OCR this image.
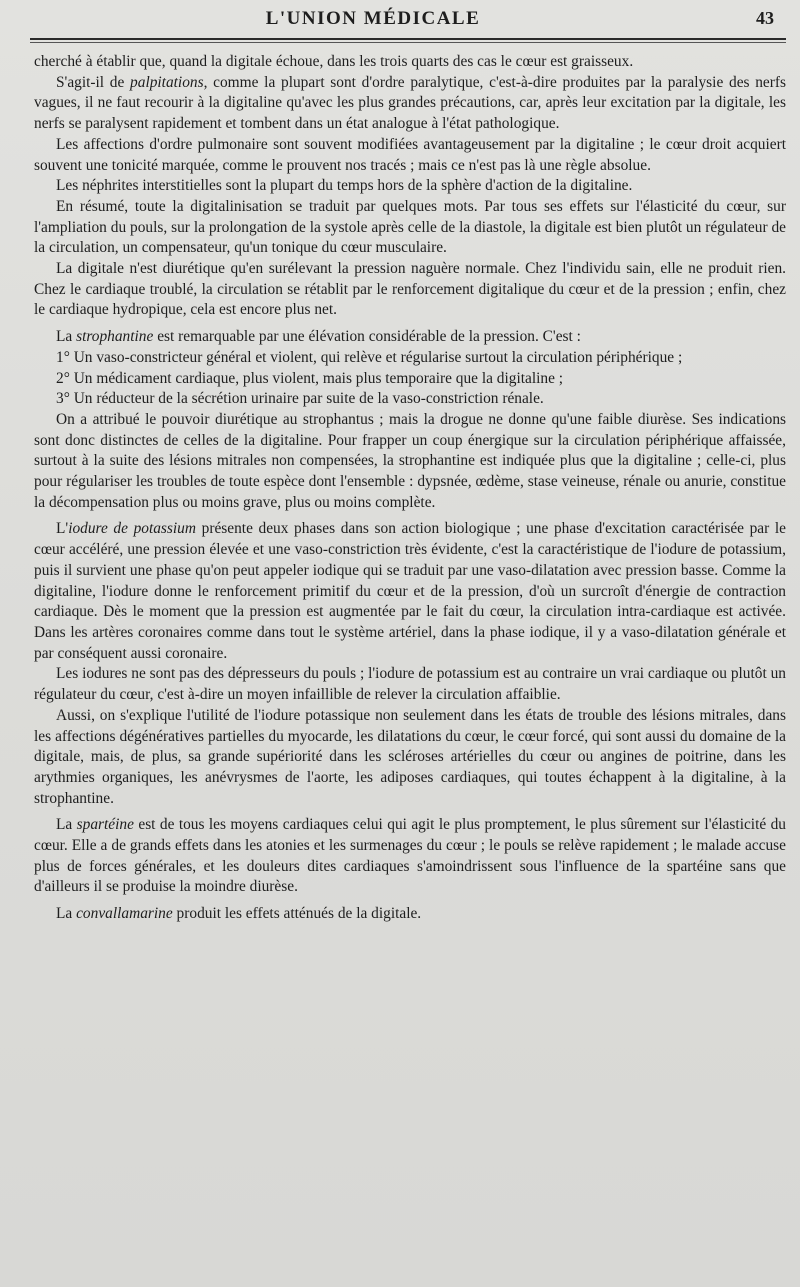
L'UNION MÉDICALE	43

cherché à établir que, quand la digitale échoue, dans les trois quarts des cas le cœur est graisseux.

S'agit-il de palpitations, comme la plupart sont d'ordre paralytique, c'est-à-dire produites par la paralysie des nerfs vagues, il ne faut recourir à la digitaline qu'avec les plus grandes précautions, car, après leur excitation par la digitale, les nerfs se paralysent rapidement et tombent dans un état analogue à l'état pathologique.

Les affections d'ordre pulmonaire sont souvent modifiées avantageusement par la digitaline ; le cœur droit acquiert souvent une tonicité marquée, comme le prouvent nos tracés ; mais ce n'est pas là une règle absolue.

Les néphrites interstitielles sont la plupart du temps hors de la sphère d'action de la digitaline.

En résumé, toute la digitalinisation se traduit par quelques mots. Par tous ses effets sur l'élasticité du cœur, sur l'ampliation du pouls, sur la prolongation de la systole après celle de la diastole, la digitale est bien plutôt un régulateur de la circulation, un compensateur, qu'un tonique du cœur musculaire.

La digitale n'est diurétique qu'en surélevant la pression naguère normale. Chez l'individu sain, elle ne produit rien. Chez le cardiaque troublé, la circulation se rétablit par le renforcement digitalique du cœur et de la pression ; enfin, chez le cardiaque hydropique, cela est encore plus net.

La strophantine est remarquable par une élévation considérable de la pression. C'est :

1° Un vaso-constricteur général et violent, qui relève et régularise surtout la circulation périphérique ;

2° Un médicament cardiaque, plus violent, mais plus temporaire que la digitaline ;

3° Un réducteur de la sécrétion urinaire par suite de la vaso-constriction rénale.

On a attribué le pouvoir diurétique au strophantus ; mais la drogue ne donne qu'une faible diurèse. Ses indications sont donc distinctes de celles de la digitaline. Pour frapper un coup énergique sur la circulation périphérique affaissée, surtout à la suite des lésions mitrales non compensées, la strophantine est indiquée plus que la digitaline ; celle-ci, plus pour régulariser les troubles de toute espèce dont l'ensemble : dypsnée, œdème, stase veineuse, rénale ou anurie, constitue la décompensation plus ou moins grave, plus ou moins complète.

L'iodure de potassium présente deux phases dans son action biologique ; une phase d'excitation caractérisée par le cœur accéléré, une pression élevée et une vaso-constriction très évidente, c'est la caractéristique de l'iodure de potassium, puis il survient une phase qu'on peut appeler iodique qui se traduit par une vaso-dilatation avec pression basse. Comme la digitaline, l'iodure donne le renforcement primitif du cœur et de la pression, d'où un surcroît d'énergie de contraction cardiaque. Dès le moment que la pression est augmentée par le fait du cœur, la circulation intra-cardiaque est activée. Dans les artères coronaires comme dans tout le système artériel, dans la phase iodique, il y a vaso-dilatation générale et par conséquent aussi coronaire.

Les iodures ne sont pas des dépresseurs du pouls ; l'iodure de potassium est au contraire un vrai cardiaque ou plutôt un régulateur du cœur, c'est à-dire un moyen infaillible de relever la circulation affaiblie.

Aussi, on s'explique l'utilité de l'iodure potassique non seulement dans les états de trouble des lésions mitrales, dans les affections dégénératives partielles du myocarde, les dilatations du cœur, le cœur forcé, qui sont aussi du domaine de la digitale, mais, de plus, sa grande supériorité dans les scléroses artérielles du cœur ou angines de poitrine, dans les arythmies organiques, les anévrysmes de l'aorte, les adiposes cardiaques, qui toutes échappent à la digitaline, à la strophantine.

La spartéine est de tous les moyens cardiaques celui qui agit le plus promptement, le plus sûrement sur l'élasticité du cœur. Elle a de grands effets dans les atonies et les surmenages du cœur ; le pouls se relève rapidement ; le malade accuse plus de forces générales, et les douleurs dites cardiaques s'amoindrissent sous l'influence de la spartéine sans que d'ailleurs il se produise la moindre diurèse.

La convallamarine produit les effets atténués de la digitale.
